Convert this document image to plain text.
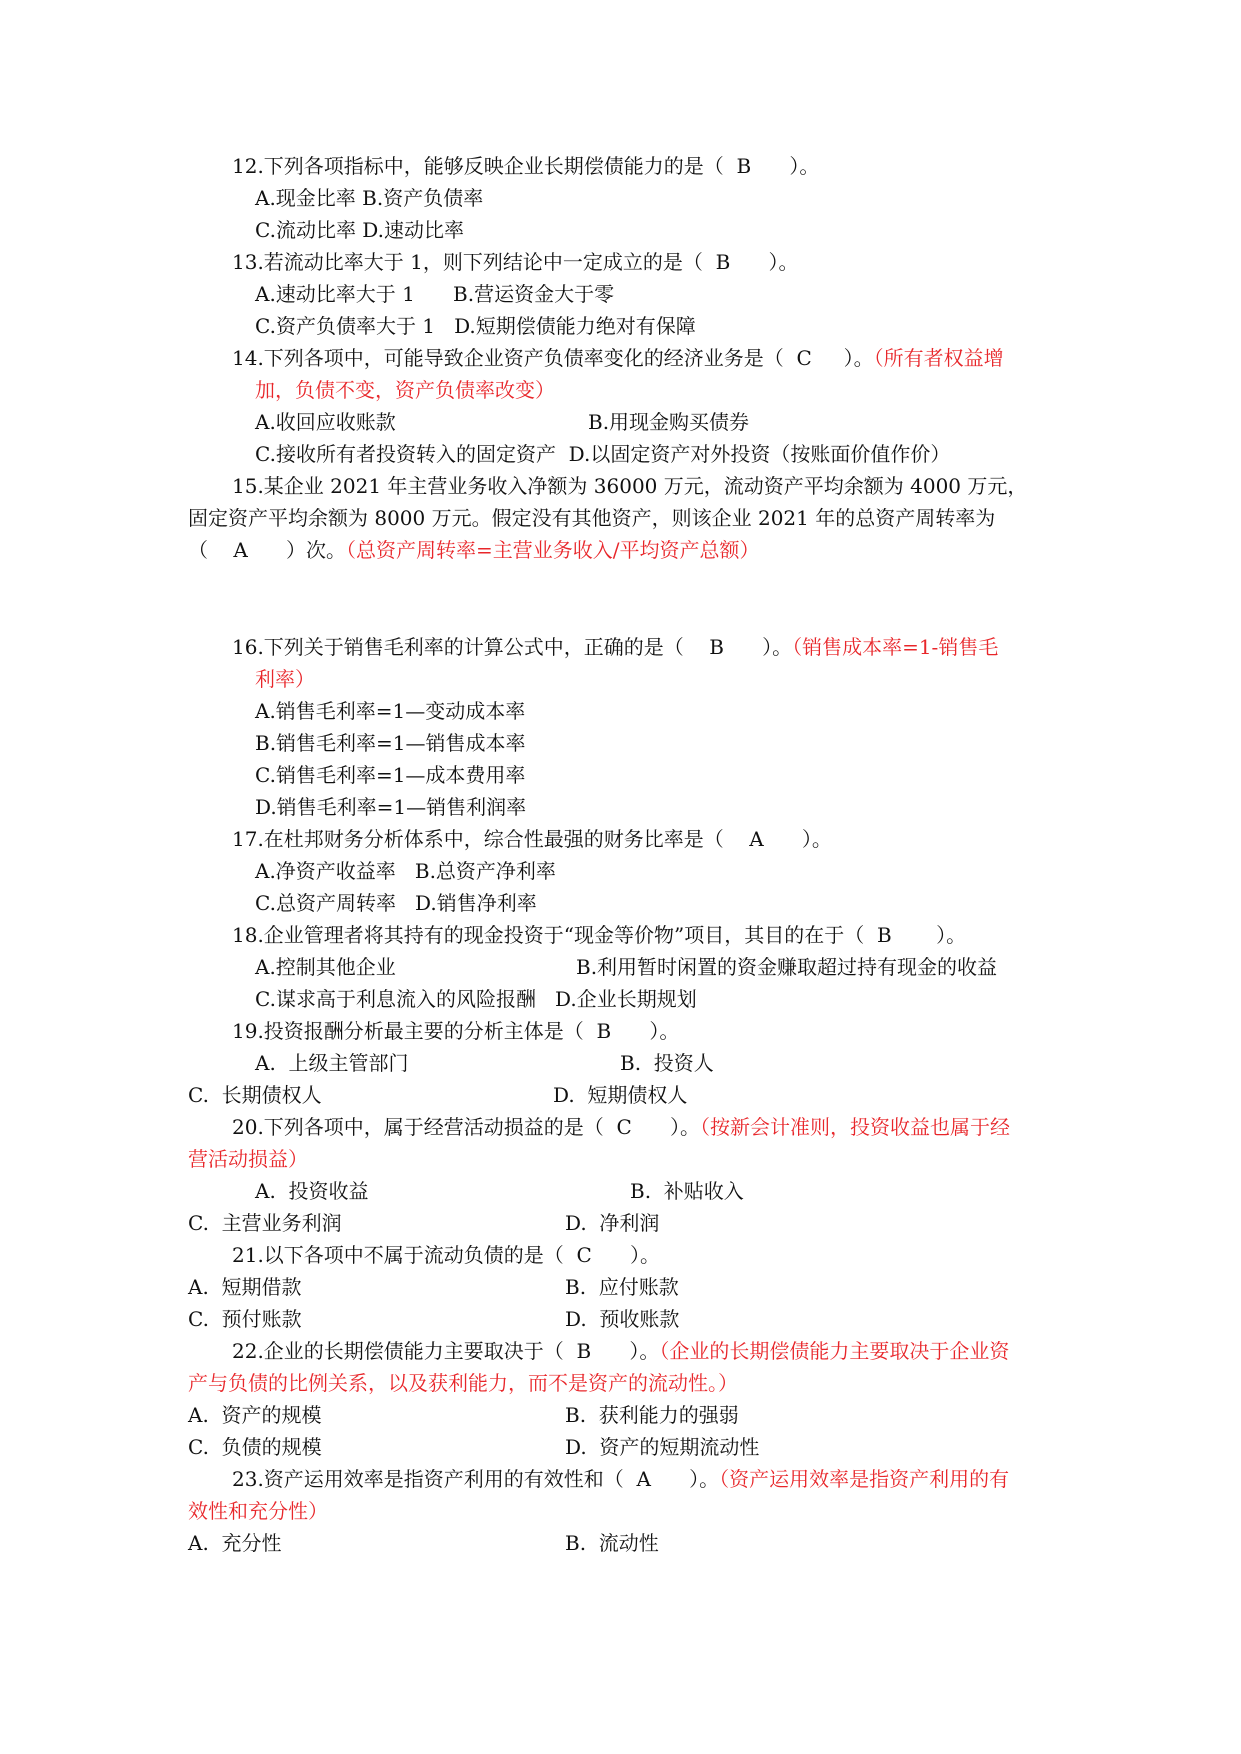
12.下列各项指标中，能够反映企业长期偿债能力的是（  B      ）。
A.现金比率 B.资产负债率
C.流动比率 D.速动比率
13.若流动比率大于 1，则下列结论中一定成立的是（  B      ）。
A.速动比率大于 1      B.营运资金大于零
C.资产负债率大于 1   D.短期偿债能力绝对有保障
14.下列各项中，可能导致企业资产负债率变化的经济业务是（  C     ）。（所有者权益增
加，负债不变，资产负债率改变）
A.收回应收账款	B.用现金购买债券
C.接收所有者投资转入的固定资产  D.以固定资产对外投资（按账面价值作价）
15.某企业 2021 年主营业务收入净额为 36000 万元，流动资产平均余额为 4000 万元，
固定资产平均余额为 8000 万元。假定没有其他资产，则该企业 2021 年的总资产周转率为
（    A      ）次。（总资产周转率=主营业务收入/平均资产总额）
16.下列关于销售毛利率的计算公式中，正确的是（    B      ）。（销售成本率=1-销售毛
利率）
A.销售毛利率=1—变动成本率
B.销售毛利率=1—销售成本率
C.销售毛利率=1—成本费用率
D.销售毛利率=1—销售利润率
17.在杜邦财务分析体系中，综合性最强的财务比率是（    A      ）。
A.净资产收益率   B.总资产净利率
C.总资产周转率   D.销售净利率
18.企业管理者将其持有的现金投资于“现金等价物”项目，其目的在于（  B       ）。
A.控制其他企业	B.利用暂时闲置的资金赚取超过持有现金的收益
C.谋求高于利息流入的风险报酬   D.企业长期规划
19.投资报酬分析最主要的分析主体是（  B      ）。
A.  上级主管部门	B.  投资人
C.  长期债权人	D.  短期债权人
20.下列各项中，属于经营活动损益的是（  C      ）。（按新会计准则，投资收益也属于经
营活动损益）
A.  投资收益	B.  补贴收入
C.  主营业务利润	D.  净利润
21.以下各项中不属于流动负债的是（  C      ）。
A.  短期借款	B.  应付账款
C.  预付账款	D.  预收账款
22.企业的长期偿债能力主要取决于（  B      ）。（企业的长期偿债能力主要取决于企业资
产与负债的比例关系，以及获利能力，而不是资产的流动性。）
A.  资产的规模	B.  获利能力的强弱
C.  负债的规模	D.  资产的短期流动性
23.资产运用效率是指资产利用的有效性和（  A      ）。（资产运用效率是指资产利用的有
效性和充分性）
A.  充分性	B.  流动性
